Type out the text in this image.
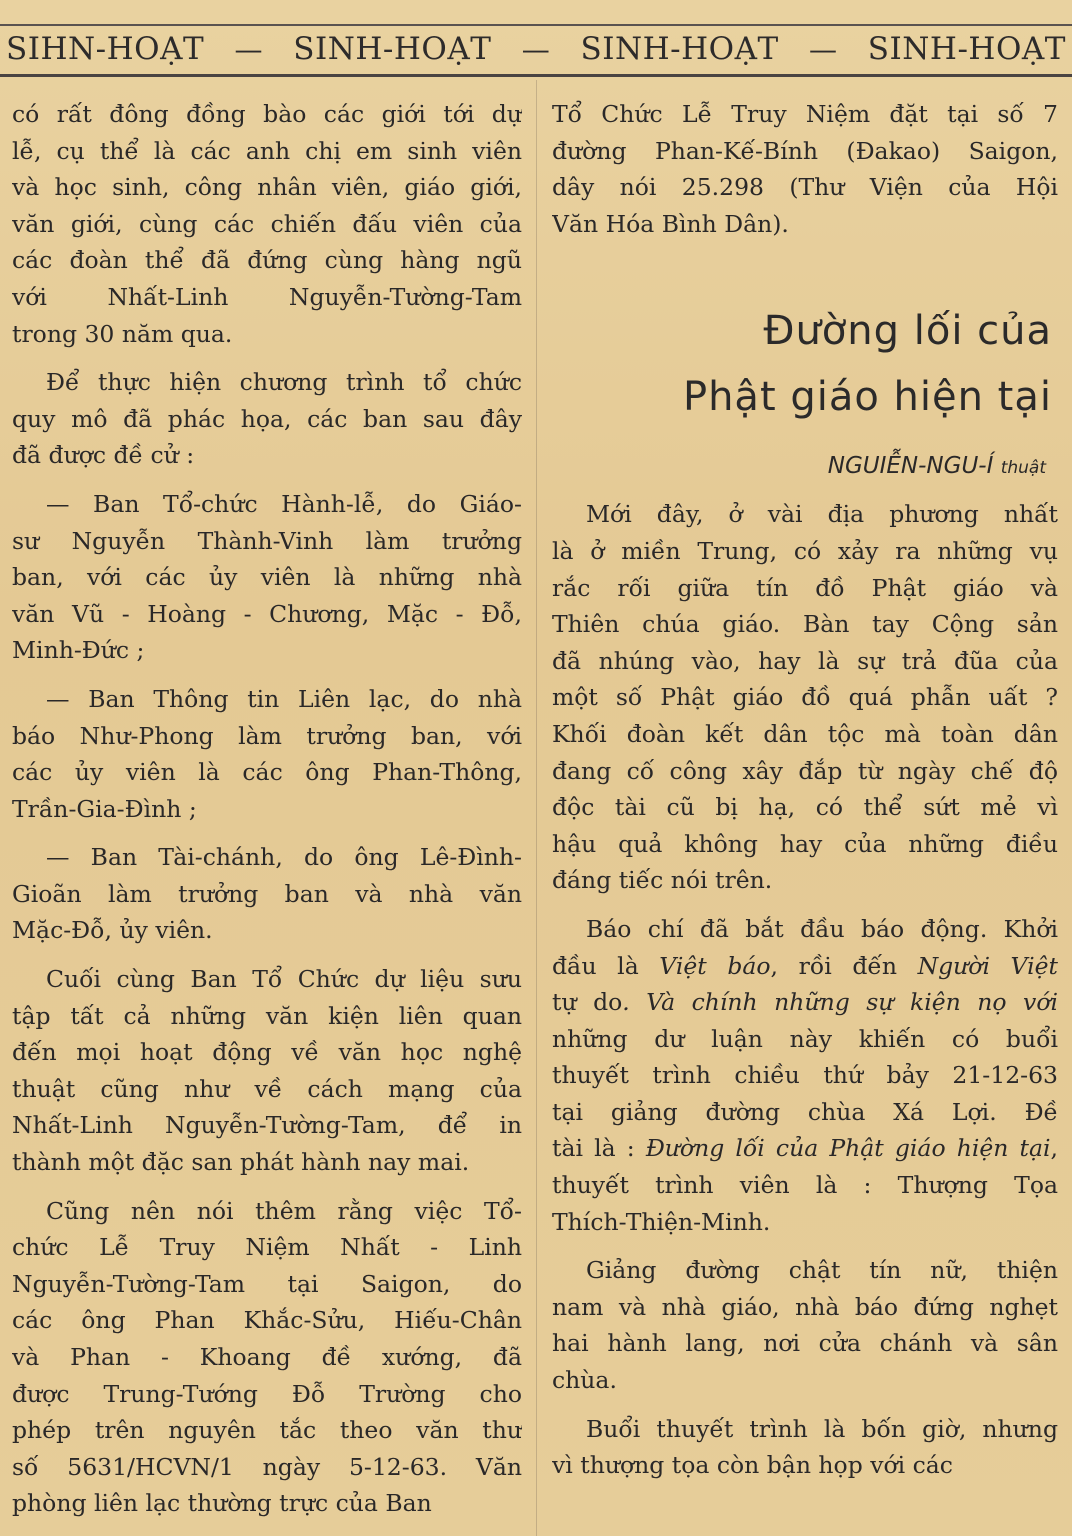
SIHN-HOẠT — SINH-HOẠT — SINH-HOẠT — SINH-HOẠT
có rất đông đồng bào các giới tới dự
lễ, cụ thể là các anh chị em sinh viên
và học sinh, công nhân viên, giáo giới,
văn giới, cùng các chiến đấu viên của
các đoàn thể đã đứng cùng hàng ngũ
với Nhất-Linh Nguyễn-Tường-Tam
trong 30 năm qua.
Để thực hiện chương trình tổ chức
quy mô đã phác họa, các ban sau đây
đã được đề cử :
— Ban Tổ-chức Hành-lễ, do Giáo-
sư Nguyễn Thành-Vinh làm trưởng
ban, với các ủy viên là những nhà
văn Vũ - Hoàng - Chương, Mặc - Đỗ,
Minh-Đức ;
— Ban Thông tin Liên lạc, do nhà
báo Như-Phong làm trưởng ban, với
các ủy viên là các ông Phan-Thông,
Trần-Gia-Đình ;
— Ban Tài-chánh, do ông Lê-Đình-
Gioãn làm trưởng ban và nhà văn
Mặc-Đỗ, ủy viên.
Cuối cùng Ban Tổ Chức dự liệu sưu
tập tất cả những văn kiện liên quan
đến mọi hoạt động về văn học nghệ
thuật cũng như về cách mạng của
Nhất-Linh Nguyễn-Tường-Tam, để in
thành một đặc san phát hành nay mai.
Cũng nên nói thêm rằng việc Tổ-
chức Lễ Truy Niệm Nhất - Linh
Nguyễn-Tường-Tam tại Saigon, do
các ông Phan Khắc-Sửu, Hiếu-Chân
và Phan - Khoang đề xướng, đã
được Trung-Tướng Đỗ Trường cho
phép trên nguyên tắc theo văn thư
số 5631/HCVN/1 ngày 5-12-63. Văn
phòng liên lạc thường trực của Ban
Tổ Chức Lễ Truy Niệm đặt tại số 7
đường Phan-Kế-Bính (Đakao) Saigon,
dây nói 25.298 (Thư Viện của Hội
Văn Hóa Bình Dân).
Đường lối của
Phật giáo hiện tại
NGUIỄN-NGU-Í thuật
Mới đây, ở vài địa phương nhất
là ở miền Trung, có xảy ra những vụ
rắc rối giữa tín đồ Phật giáo và
Thiên chúa giáo. Bàn tay Cộng sản
đã nhúng vào, hay là sự trả đũa của
một số Phật giáo đồ quá phẫn uất ?
Khối đoàn kết dân tộc mà toàn dân
đang cố công xây đắp từ ngày chế độ
độc tài cũ bị hạ, có thể sứt mẻ vì
hậu quả không hay của những điều
đáng tiếc nói trên.
Báo chí đã bắt đầu báo động. Khởi
đầu là Việt báo, rồi đến Người Việt
tự do. Và chính những sự kiện nọ với
những dư luận này khiến có buổi
thuyết trình chiều thứ bảy 21-12-63
tại giảng đường chùa Xá Lợi. Đề
tài là : Đường lối của Phật giáo hiện tại,
thuyết trình viên là : Thượng Tọa
Thích-Thiện-Minh.
Giảng đường chật tín nữ, thiện
nam và nhà giáo, nhà báo đứng nghẹt
hai hành lang, nơi cửa chánh và sân
chùa.
Buổi thuyết trình là bốn giờ, nhưng
vì thượng tọa còn bận họp với các
